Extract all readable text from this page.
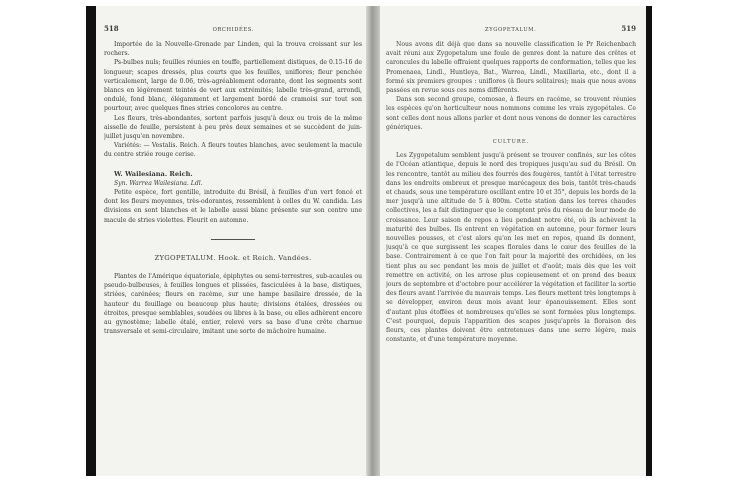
518	ORCHIDÉES.

Importée de la Nouvelle-Grenade par Linden, qui la trouva croissant sur les rochers.

Ps-bulbes nuls; feuilles réunies en touffe, partiellement distiques, de 0.15-16 de longueur; scapes dressés, plus courts que les feuilles, uniflores; fleur penchée verticalement, large de 0.06, très-agréablement odorante, dont les segments sont blancs en légèrement teintés de vert aux extrémités; labelle très-grand, arrondi, ondulé, fond blanc, élégamment et largement bordé de cramoisi sur tout son pourtour, avec quelques fines stries concolores au centre.

Les fleurs, très-abondantes, sortent parfois jusqu'à deux ou trois de la même aisselle de feuille, persistent à peu près deux semaines et se succèdent de juin-juillet jusqu'en novembre.

Variétés: — Vestalis. Reich. A fleurs toutes blanches, avec seulement la macule du centre striée rouge cerise.

W. Wailesiana. Reich.

Syn. Warrea Wailesiana. Ldl.

Petite espèce, fort gentille, introduite du Brésil, à feuilles d'un vert foncé et dont les fleurs moyennes, très-odorantes, ressemblent à celles du W. candida. Les divisions en sont blanches et le labelle aussi blanc présente sur son centre une macule de stries violettes. Fleurit en automne.

ZYGOPETALUM. Hook. et Reich. Vandées.

Plantes de l'Amérique équatoriale, épiphytes ou semi-terrestres, sub-acaules ou pseudo-bulbeuses, à feuilles longues et plissées, fasciculées à la base, distiques, striées, carénées; fleurs en racème, sur une hampe basilaire dressée, de la hauteur du feuillage ou beaucoup plus haute; divisions étalées, dressées ou étroites, presque semblables, soudées ou libres à la base, ou elles adhèrent encore au gynostème; labelle étalé, entier, relevé vers sa base d'une crête charnue transversale et semi-circulaire, imitant une sorte de mâchoire humaine.

ZYGOPETALUM.	519

Nous avons dit déjà que dans sa nouvelle classification le Pr Reichenbach avait réuni aux Zygopetalum une foule de genres dont la nature des crêtes et caroncules du labelle offraient quelques rapports de conformation, telles que les Promenaea, Lindl., Huntleya, Bat., Warrea, Lindl., Maxillaria, etc., dont il a formé six premiers groupes : uniflores (à fleurs solitaires); mais que nous avons passées en revue sous ces noms différents.

Dans son second groupe, comosae, à fleurs en racème, se trouvent réunies les espèces qu'on horticulteur nous nommons comme les vrais zygopétales. Ce sont celles dont nous allons parler et dont nous venons de donner les caractères génériques.

CULTURE.

Les Zygopetalum semblent jusqu'à présent se trouver confinés, sur les côtes de l'Océan atlantique, depuis le nord des tropiques jusqu'au sud du Brésil. On les rencontre, tantôt au milieu des fourrés des fougères, tantôt à l'état terrestre dans les endroits ombreux et presque marécageux des bois, tantôt très-chauds et chauds, sous une température oscillant entre 10 et 35°, depuis les bords de la mer jusqu'à une altitude de 5 à 800m. Cette station dans les terres chaudes collectives, les a fait distinguer que le comptent près du réseau de leur mode de croissance. Leur saison de repos a lieu pendant notre été, où ils achèvent la maturité des bulbes. Ils entrent en végétation en automne, pour former leurs nouvelles pousses, et c'est alors qu'on les met en repos, quand ils donnent, jusqu'à ce que surgissent les scapes florales dans le cœur des feuilles de la base. Contrairement à ce que l'on fait pour la majorité des orchidées, on les tient plus au sec pendant les mois de juillet et d'août; mais dès que les voit remettre en activité, on les arrose plus copieusement et on prend des beaux jours de septembre et d'octobre pour accélérer la végétation et faciliter la sortie des fleurs avant l'arrivée du mauvais temps. Les fleurs mettent très longtemps à se développer, environ deux mois avant leur épanouissement. Elles sont d'autant plus étoffées et nombreuses qu'elles se sont formées plus longtemps. C'est pourquoi, depuis l'apparition des scapes jusqu'après la floraison des fleurs, ces plantes doivent être entretenues dans une serre légère, mais constante, et d'une température moyenne.
